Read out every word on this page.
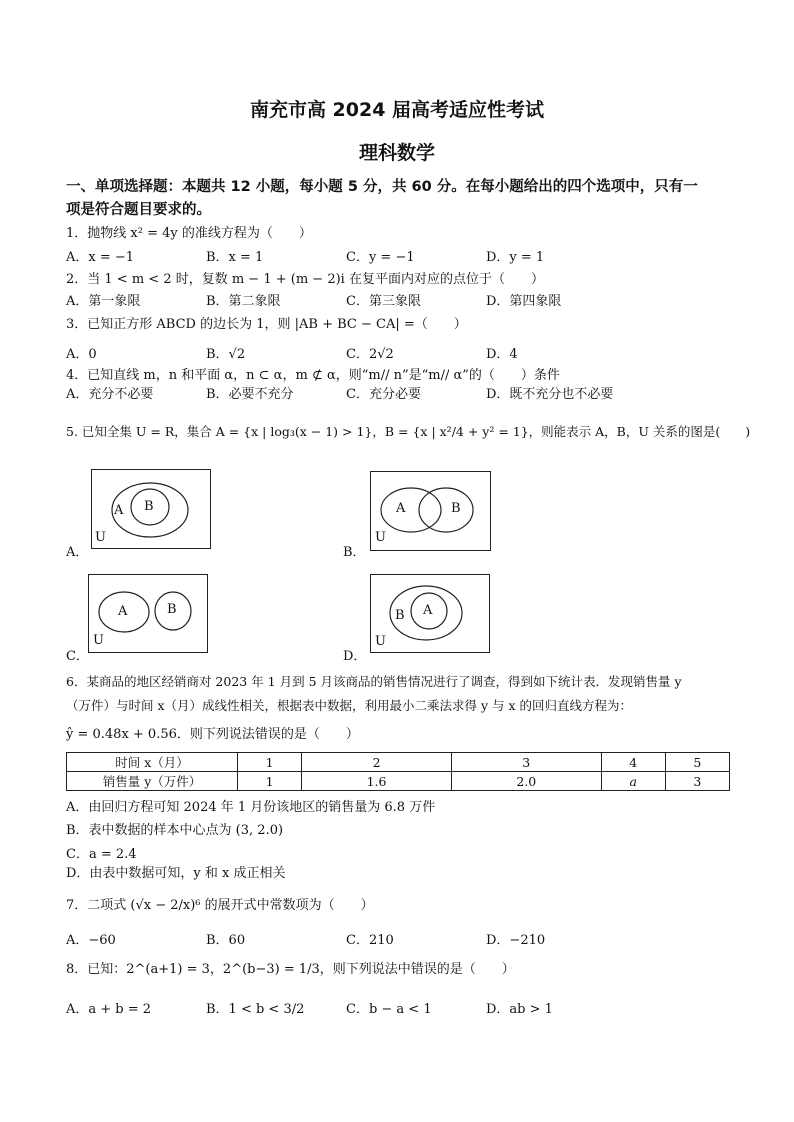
南充市高 2024 届高考适应性考试
理科数学
一、单项选择题：本题共 12 小题，每小题 5 分，共 60 分。在每小题给出的四个选项中，只有一
项是符合题目要求的。
1．抛物线 x² = 4y 的准线方程为（　　）
A．x = −1	B．x = 1	C．y = −1	D．y = 1
2．当 1 < m < 2 时，复数 m − 1 + (m − 2)i 在复平面内对应的点位于（　　）
A．第一象限	B．第二象限	C．第三象限	D．第四象限
3．已知正方形 ABCD 的边长为 1，则 |AB + BC − CA| =（　　）
A．0	B．√2	C．2√2	D．4
4．已知直线 m，n 和平面 α，n ⊂ α，m ⊄ α，则“m// n”是“m// α”的（　　）条件
A．充分不必要	B．必要不充分	C．充分必要	D．既不充分也不必要
5. 已知全集 U = R，集合 A = {x | log₃(x − 1) > 1}，B = {x | x²/4 + y² = 1}，则能表示 A，B，U 关系的图是(　　)
A．
A B
U
B．
A	B
U
C．
A	B
U
D．
B A
U
6．某商品的地区经销商对 2023 年 1 月到 5 月该商品的销售情况进行了调查，得到如下统计表．发现销售量 y
（万件）与时间 x（月）成线性相关，根据表中数据，利用最小二乘法求得 y 与 x 的回归直线方程为：
ŷ = 0.48x + 0.56．则下列说法错误的是（　　）
时间 x（月）	1	2	3	4	5
销售量 y（万件）	1	1.6	2.0	a	3
A．由回归方程可知 2024 年 1 月份该地区的销售量为 6.8 万件
B．表中数据的样本中心点为 (3, 2.0)
C．a = 2.4
D．由表中数据可知，y 和 x 成正相关
7．二项式 (√x − 2/x)⁶ 的展开式中常数项为（　　）
A．−60	B．60	C．210	D．−210
8．已知：2^(a+1) = 3，2^(b−3) = 1/3，则下列说法中错误的是（　　）
A．a + b = 2	B．1 < b < 3/2	C．b − a < 1	D．ab > 1
